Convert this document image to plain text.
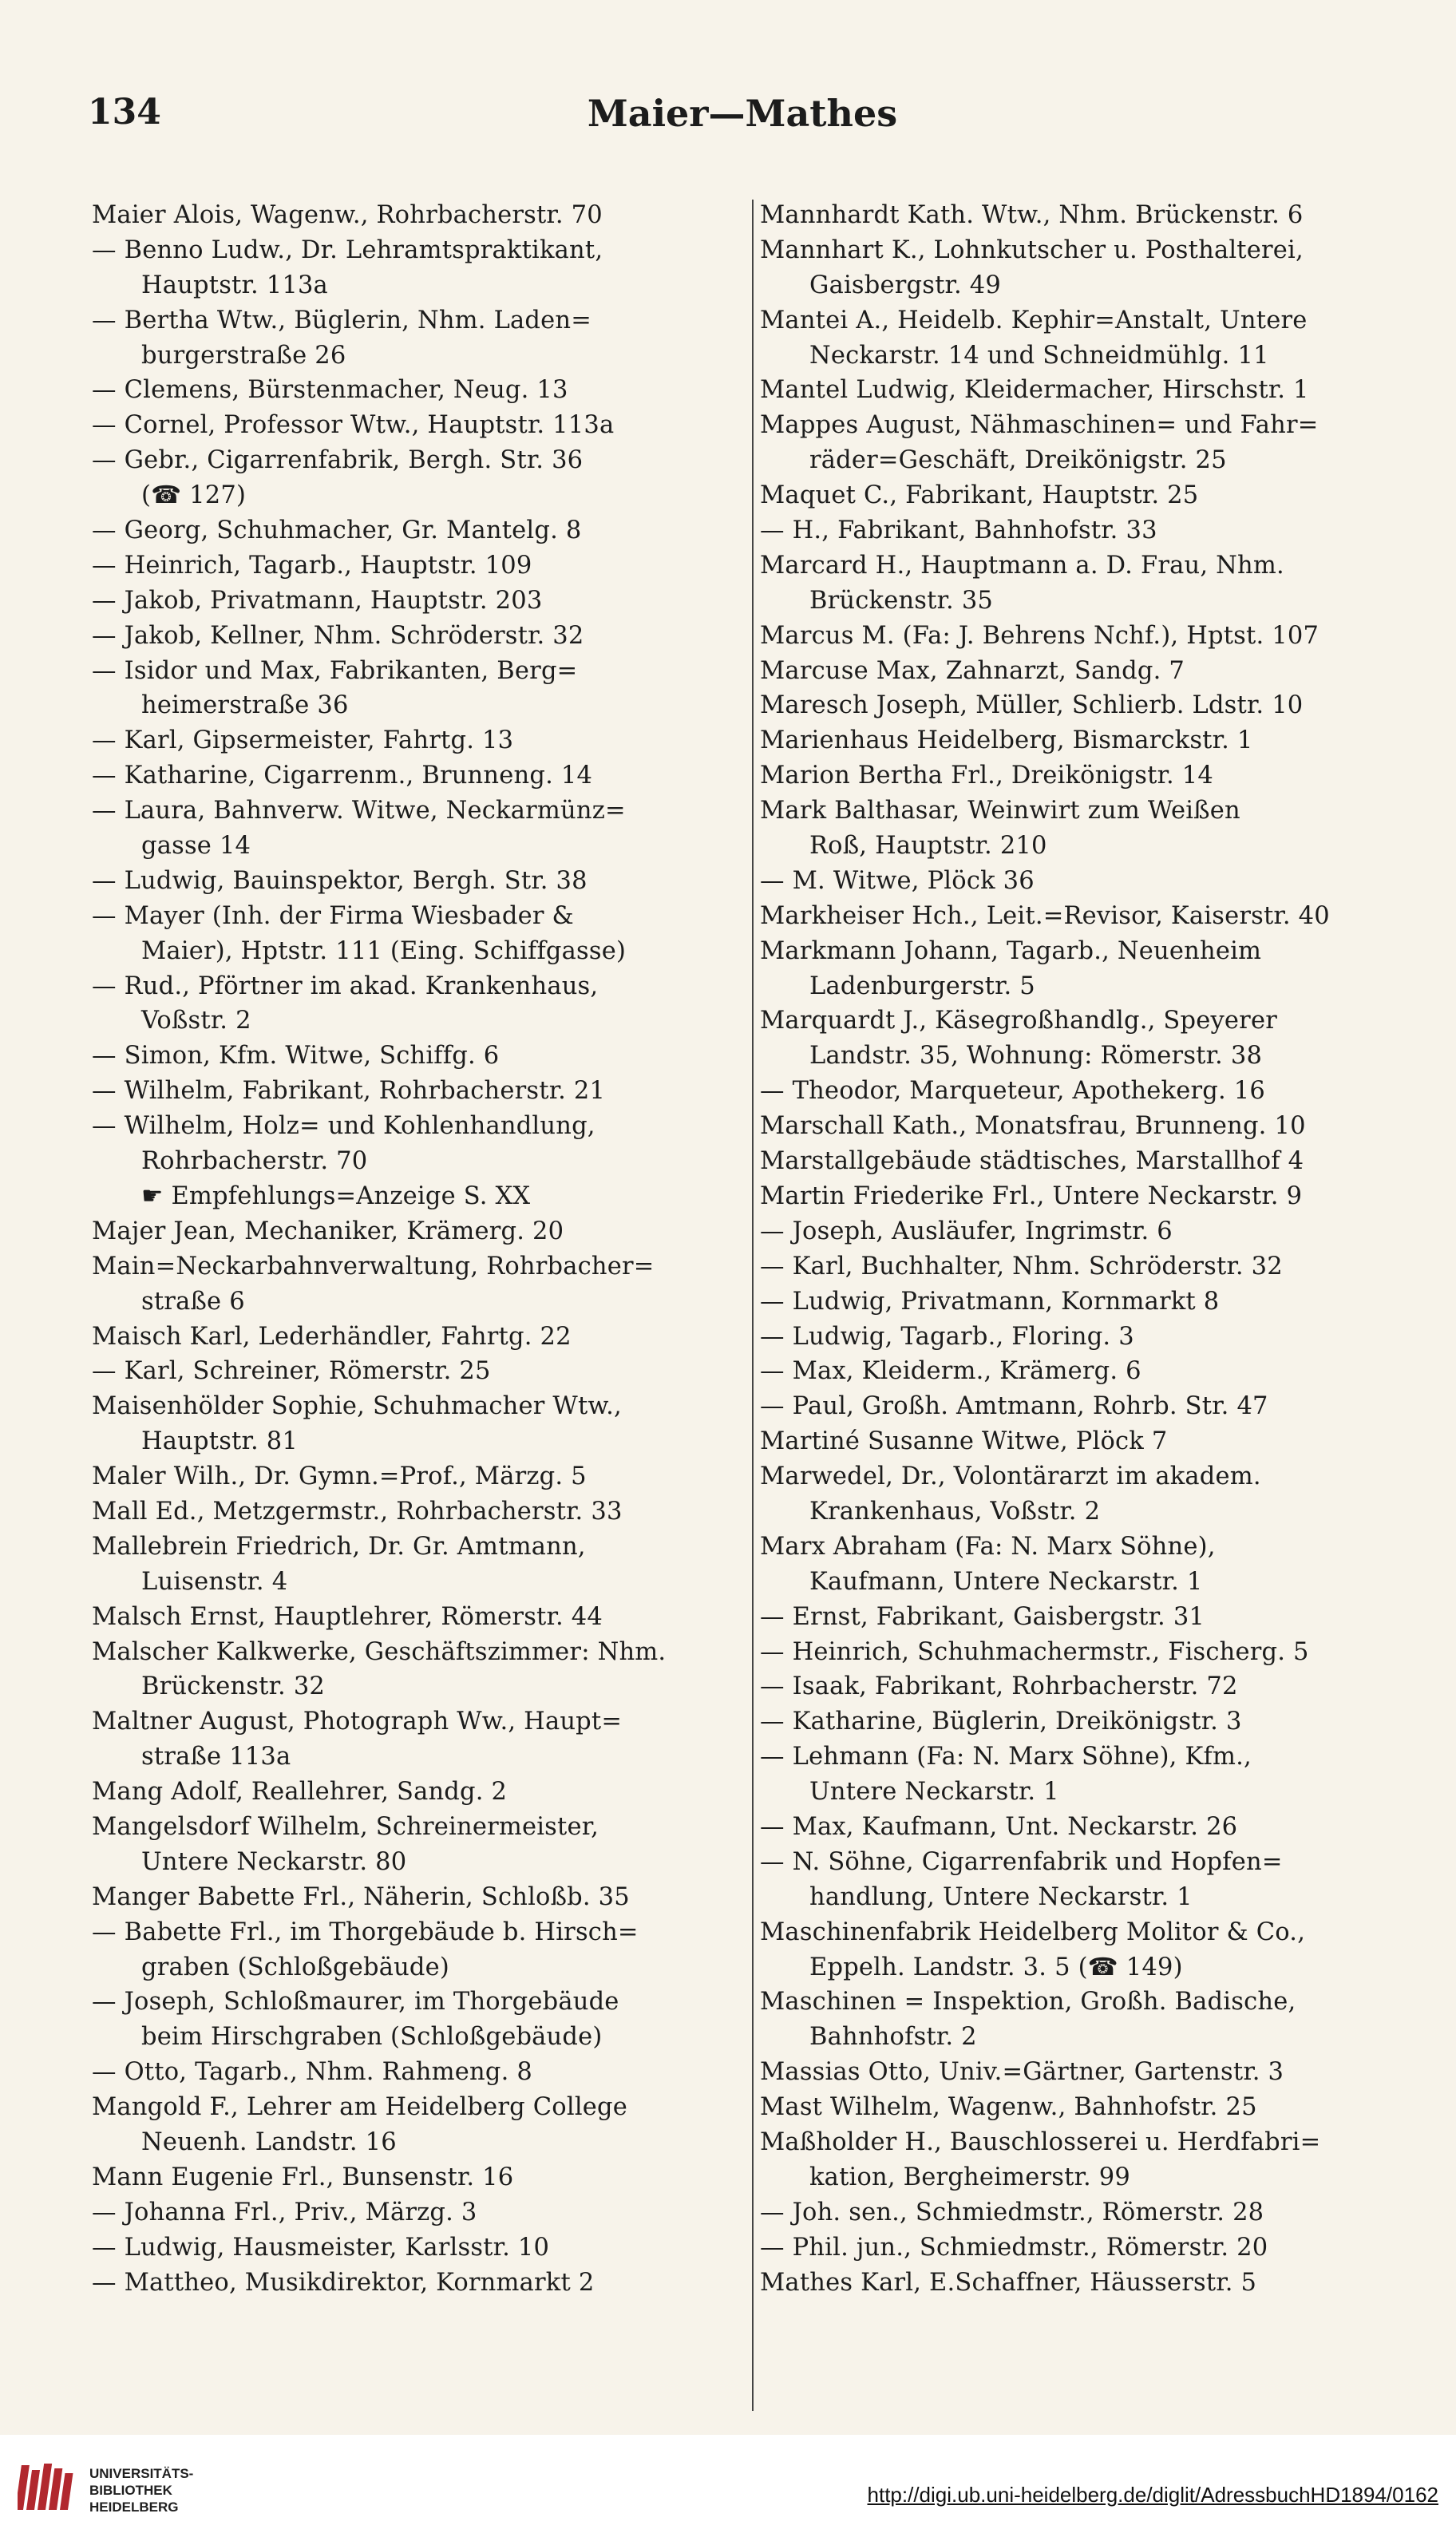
134	Maier—Mathes
Maier Alois, Wagenw., Rohrbacherstr. 70
— Benno Ludw., Dr. Lehramtspraktikant,
Hauptstr. 113a
— Bertha Wtw., Büglerin, Nhm. Laden=
burgerstraße 26
— Clemens, Bürstenmacher, Neug. 13
— Cornel, Professor Wtw., Hauptstr. 113a
— Gebr., Cigarrenfabrik, Bergh. Str. 36
(☎ 127)
— Georg, Schuhmacher, Gr. Mantelg. 8
— Heinrich, Tagarb., Hauptstr. 109
— Jakob, Privatmann, Hauptstr. 203
— Jakob, Kellner, Nhm. Schröderstr. 32
— Isidor und Max, Fabrikanten, Berg=
heimerstraße 36
— Karl, Gipsermeister, Fahrtg. 13
— Katharine, Cigarrenm., Brunneng. 14
— Laura, Bahnverw. Witwe, Neckarmünz=
gasse 14
— Ludwig, Bauinspektor, Bergh. Str. 38
— Mayer (Inh. der Firma Wiesbader &
Maier), Hptstr. 111 (Eing. Schiffgasse)
— Rud., Pförtner im akad. Krankenhaus,
Voßstr. 2
— Simon, Kfm. Witwe, Schiffg. 6
— Wilhelm, Fabrikant, Rohrbacherstr. 21
— Wilhelm, Holz= und Kohlenhandlung,
Rohrbacherstr. 70
☛ Empfehlungs=Anzeige S. XX
Majer Jean, Mechaniker, Krämerg. 20
Main=Neckarbahnverwaltung, Rohrbacher=
straße 6
Maisch Karl, Lederhändler, Fahrtg. 22
— Karl, Schreiner, Römerstr. 25
Maisenhölder Sophie, Schuhmacher Wtw.,
Hauptstr. 81
Maler Wilh., Dr. Gymn.=Prof., Märzg. 5
Mall Ed., Metzgermstr., Rohrbacherstr. 33
Mallebrein Friedrich, Dr. Gr. Amtmann,
Luisenstr. 4
Malsch Ernst, Hauptlehrer, Römerstr. 44
Malscher Kalkwerke, Geschäftszimmer: Nhm.
Brückenstr. 32
Maltner August, Photograph Ww., Haupt=
straße 113a
Mang Adolf, Reallehrer, Sandg. 2
Mangelsdorf Wilhelm, Schreinermeister,
Untere Neckarstr. 80
Manger Babette Frl., Näherin, Schloßb. 35
— Babette Frl., im Thorgebäude b. Hirsch=
graben (Schloßgebäude)
— Joseph, Schloßmaurer, im Thorgebäude
beim Hirschgraben (Schloßgebäude)
— Otto, Tagarb., Nhm. Rahmeng. 8
Mangold F., Lehrer am Heidelberg College
Neuenh. Landstr. 16
Mann Eugenie Frl., Bunsenstr. 16
— Johanna Frl., Priv., Märzg. 3
— Ludwig, Hausmeister, Karlsstr. 10
— Mattheo, Musikdirektor, Kornmarkt 2
Mannhardt Kath. Wtw., Nhm. Brückenstr. 6
Mannhart K., Lohnkutscher u. Posthalterei,
Gaisbergstr. 49
Mantei A., Heidelb. Kephir=Anstalt, Untere
Neckarstr. 14 und Schneidmühlg. 11
Mantel Ludwig, Kleidermacher, Hirschstr. 1
Mappes August, Nähmaschinen= und Fahr=
räder=Geschäft, Dreikönigstr. 25
Maquet C., Fabrikant, Hauptstr. 25
— H., Fabrikant, Bahnhofstr. 33
Marcard H., Hauptmann a. D. Frau, Nhm.
Brückenstr. 35
Marcus M. (Fa: J. Behrens Nchf.), Hptst. 107
Marcuse Max, Zahnarzt, Sandg. 7
Maresch Joseph, Müller, Schlierb. Ldstr. 10
Marienhaus Heidelberg, Bismarckstr. 1
Marion Bertha Frl., Dreikönigstr. 14
Mark Balthasar, Weinwirt zum Weißen
Roß, Hauptstr. 210
— M. Witwe, Plöck 36
Markheiser Hch., Leit.=Revisor, Kaiserstr. 40
Markmann Johann, Tagarb., Neuenheim
Ladenburgerstr. 5
Marquardt J., Käsegroßhandlg., Speyerer
Landstr. 35, Wohnung: Römerstr. 38
— Theodor, Marqueteur, Apothekerg. 16
Marschall Kath., Monatsfrau, Brunneng. 10
Marstallgebäude städtisches, Marstallhof 4
Martin Friederike Frl., Untere Neckarstr. 9
— Joseph, Ausläufer, Ingrimstr. 6
— Karl, Buchhalter, Nhm. Schröderstr. 32
— Ludwig, Privatmann, Kornmarkt 8
— Ludwig, Tagarb., Floring. 3
— Max, Kleiderm., Krämerg. 6
— Paul, Großh. Amtmann, Rohrb. Str. 47
Martiné Susanne Witwe, Plöck 7
Marwedel, Dr., Volontärarzt im akadem.
Krankenhaus, Voßstr. 2
Marx Abraham (Fa: N. Marx Söhne),
Kaufmann, Untere Neckarstr. 1
— Ernst, Fabrikant, Gaisbergstr. 31
— Heinrich, Schuhmachermstr., Fischerg. 5
— Isaak, Fabrikant, Rohrbacherstr. 72
— Katharine, Büglerin, Dreikönigstr. 3
— Lehmann (Fa: N. Marx Söhne), Kfm.,
Untere Neckarstr. 1
— Max, Kaufmann, Unt. Neckarstr. 26
— N. Söhne, Cigarrenfabrik und Hopfen=
handlung, Untere Neckarstr. 1
Maschinenfabrik Heidelberg Molitor & Co.,
Eppelh. Landstr. 3. 5 (☎ 149)
Maschinen = Inspektion, Großh. Badische,
Bahnhofstr. 2
Massias Otto, Univ.=Gärtner, Gartenstr. 3
Mast Wilhelm, Wagenw., Bahnhofstr. 25
Maßholder H., Bauschlosserei u. Herdfabri=
kation, Bergheimerstr. 99
— Joh. sen., Schmiedmstr., Römerstr. 28
— Phil. jun., Schmiedmstr., Römerstr. 20
Mathes Karl, E.Schaffner, Häusserstr. 5
UNIVERSITÄTS-
BIBLIOTHEK
HEIDELBERG
http://digi.ub.uni-heidelberg.de/diglit/AdressbuchHD1894/0162
